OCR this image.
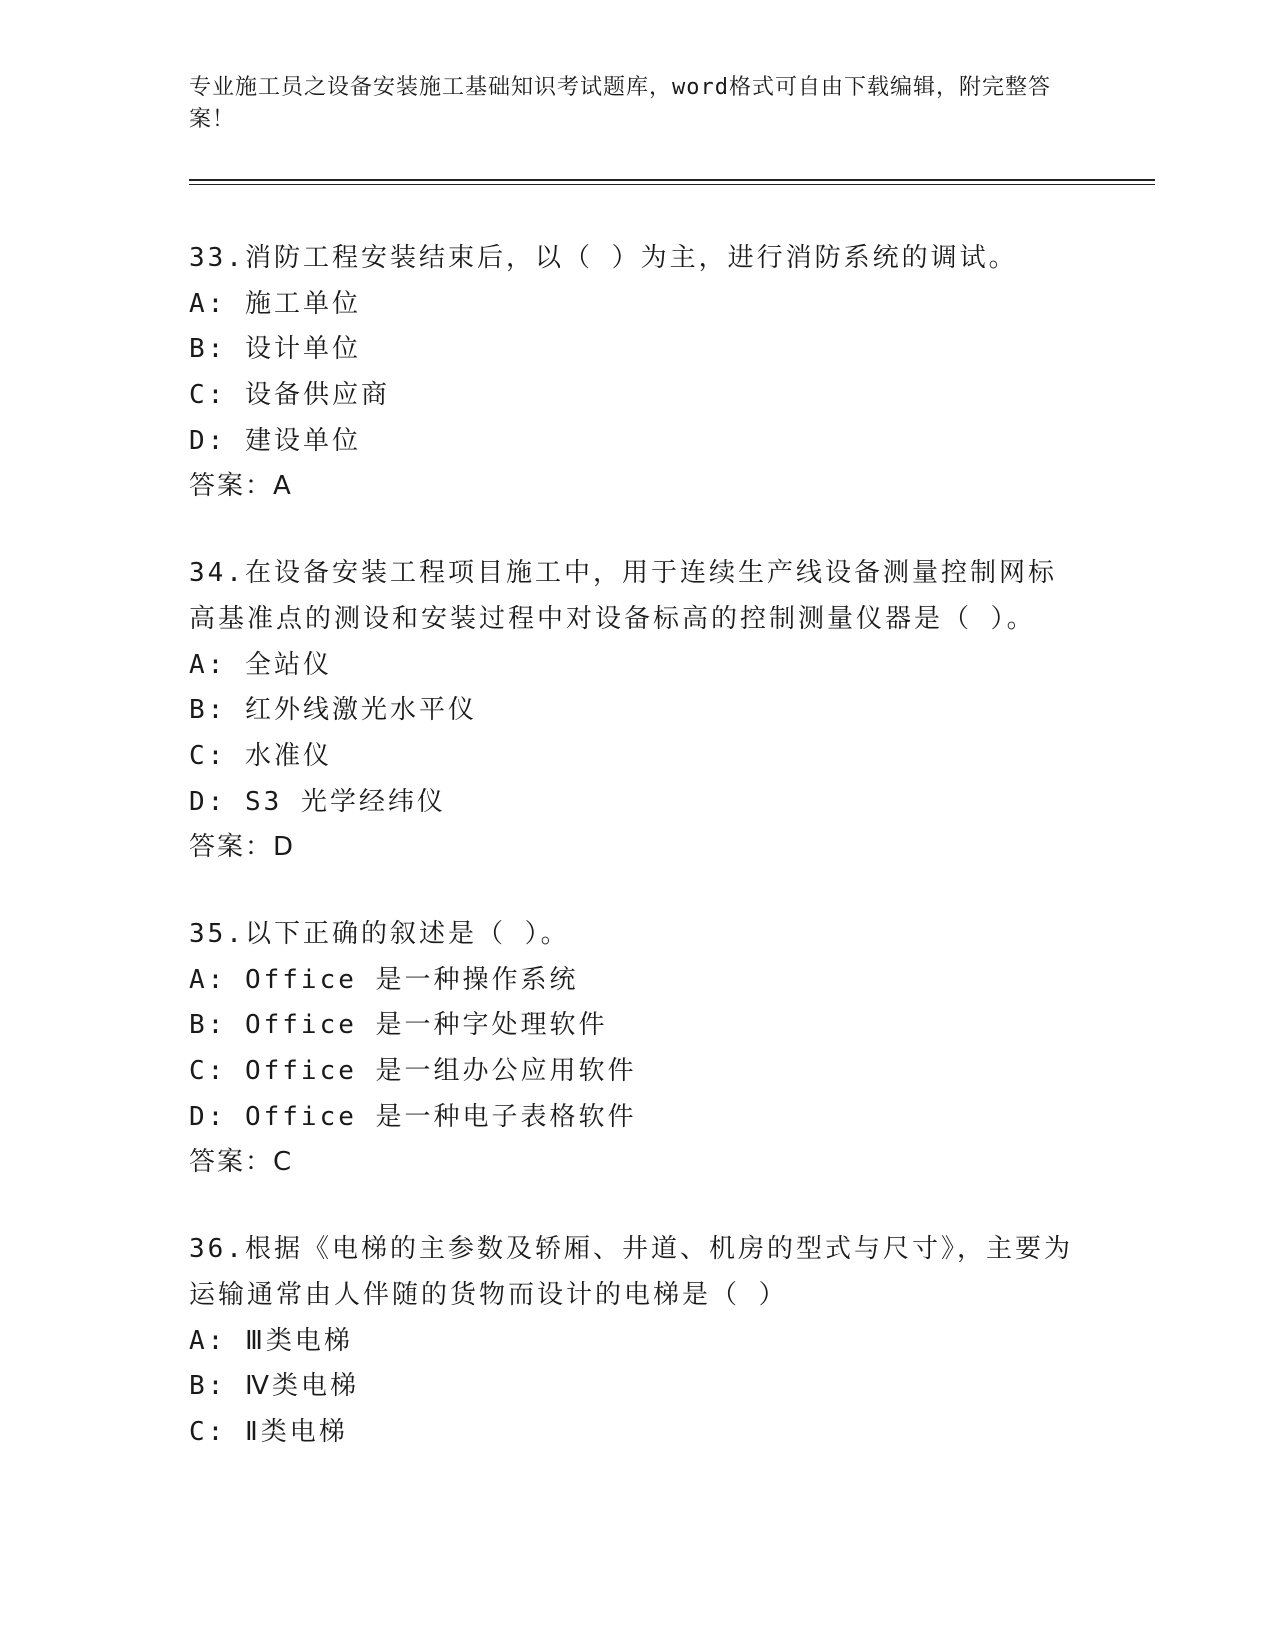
专业施工员之设备安装施工基础知识考试题库，word格式可自由下载编辑，附完整答案！
33.消防工程安装结束后，以（ ）为主，进行消防系统的调试。
A: 施工单位
B: 设计单位
C: 设备供应商
D: 建设单位
答案：A
34.在设备安装工程项目施工中，用于连续生产线设备测量控制网标高基准点的测设和安装过程中对设备标高的控制测量仪器是（ ）。
A: 全站仪
B: 红外线激光水平仪
C: 水准仪
D: S3 光学经纬仪
答案：D
35.以下正确的叙述是（ ）。
A: Office 是一种操作系统
B: Office 是一种字处理软件
C: Office 是一组办公应用软件
D: Office 是一种电子表格软件
答案：C
36.根据《电梯的主参数及轿厢、井道、机房的型式与尺寸》，主要为运输通常由人伴随的货物而设计的电梯是（ ）
A: Ⅲ类电梯
B: Ⅳ类电梯
C: Ⅱ类电梯
